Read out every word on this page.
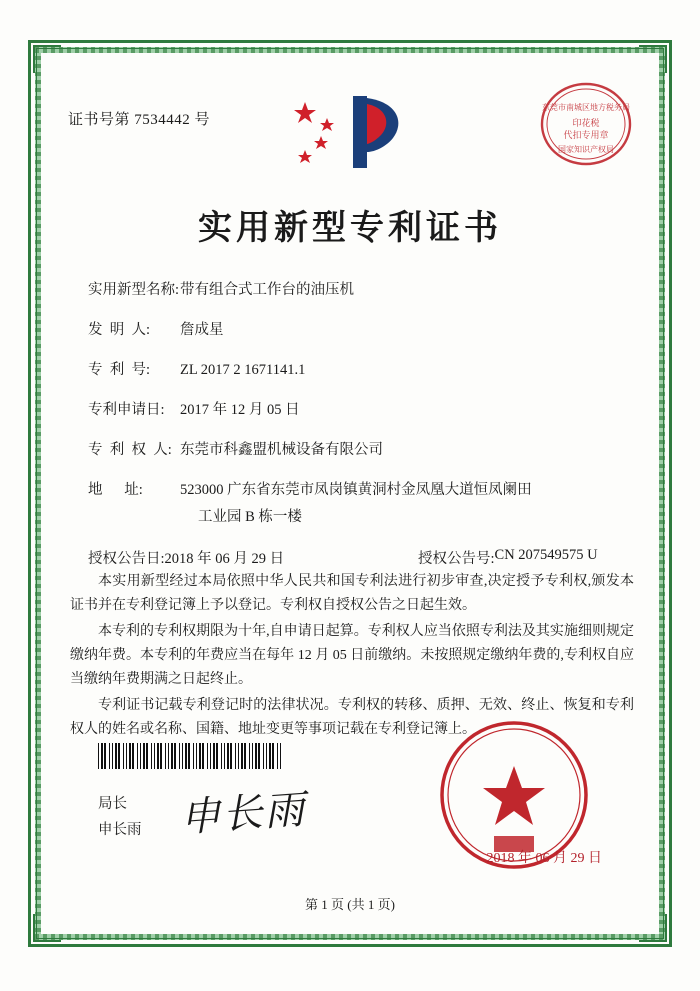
证书号第 7534442 号
东莞市南城区地方税务局
印花税
代扣专用章
国家知识产权局
实用新型专利证书
实用新型名称: 带有组合式工作台的油压机
发  明  人:	詹成星
专  利  号:	ZL 2017 2 1671141.1
专利申请日:	2017 年 12 月 05 日
专  利  权  人: 东莞市科鑫盟机械设备有限公司
地      址:	523000 广东省东莞市凤岗镇黄洞村金凤凰大道恒凤阑田
工业园 B 栋一楼
授权公告日: 2018 年 06 月 29 日	授权公告号: CN 207549575 U

本实用新型经过本局依照中华人民共和国专利法进行初步审查,决定授予专利权,颁发本证书并在专利登记簿上予以登记。专利权自授权公告之日起生效。

本专利的专利权期限为十年,自申请日起算。专利权人应当依照专利法及其实施细则规定缴纳年费。本专利的年费应当在每年 12 月 05 日前缴纳。未按照规定缴纳年费的,专利权自应当缴纳年费期满之日起终止。

专利证书记载专利登记时的法律状况。专利权的转移、质押、无效、终止、恢复和专利权人的姓名或名称、国籍、地址变更等事项记载在专利登记簿上。

局长
申长雨 申长雨
2018 年 06 月 29 日
第 1 页 (共 1 页)
